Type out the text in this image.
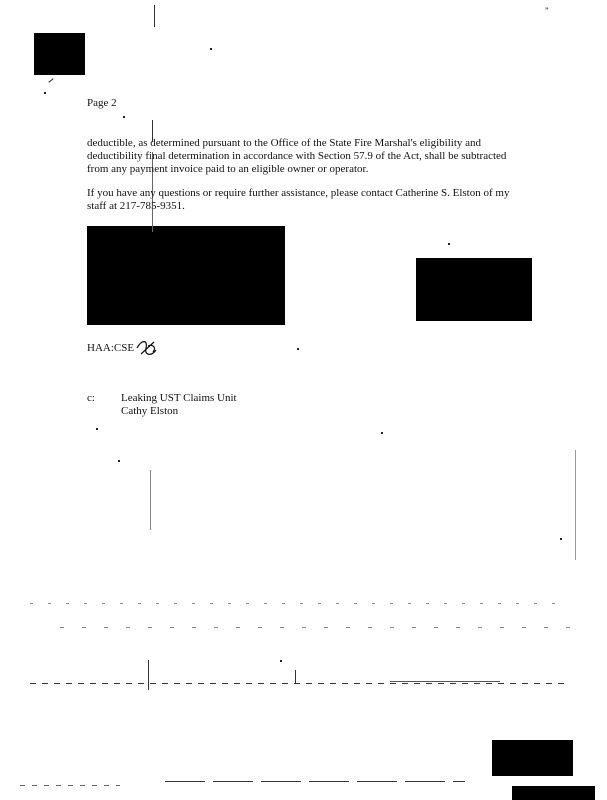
”
Page 2
deductible, as determined pursuant to the Office of the State Fire Marshal's eligibility and deductibility final determination in accordance with Section 57.9 of the Act, shall be subtracted from any payment invoice paid to an eligible owner or operator.
If you have any questions or require further assistance, please contact Catherine S. Elston of my staff at 217-785-9351.
HAA:CSE
c: Leaking UST Claims Unit
Cathy Elston
